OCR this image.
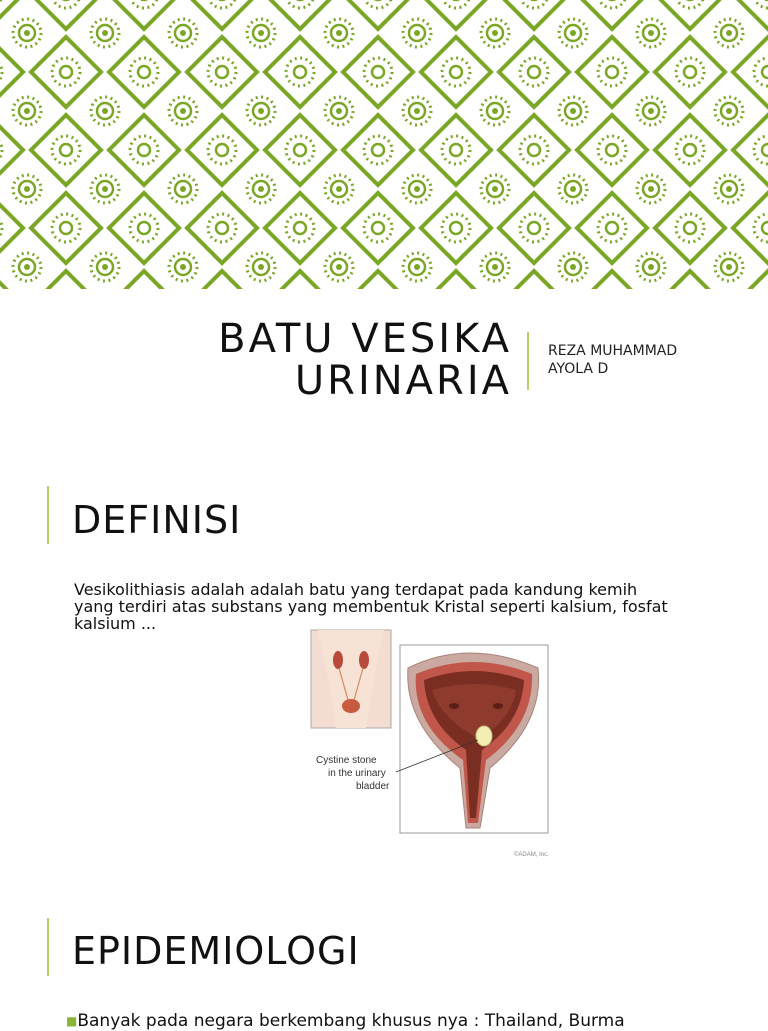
BATU VESIKA
URINARIA
REZA MUHAMMAD
AYOLA D
DEFINISI
Vesikolithiasis adalah adalah batu yang terdapat pada kandung kemih yang terdiri atas substans yang membentuk Kristal seperti kalsium, fosfat kalsium ...
Cystine stone
in the urinary
bladder
©ADAM, Inc.
EPIDEMIOLOGI
■Banyak pada negara berkembang khusus nya : Thailand, Burma
